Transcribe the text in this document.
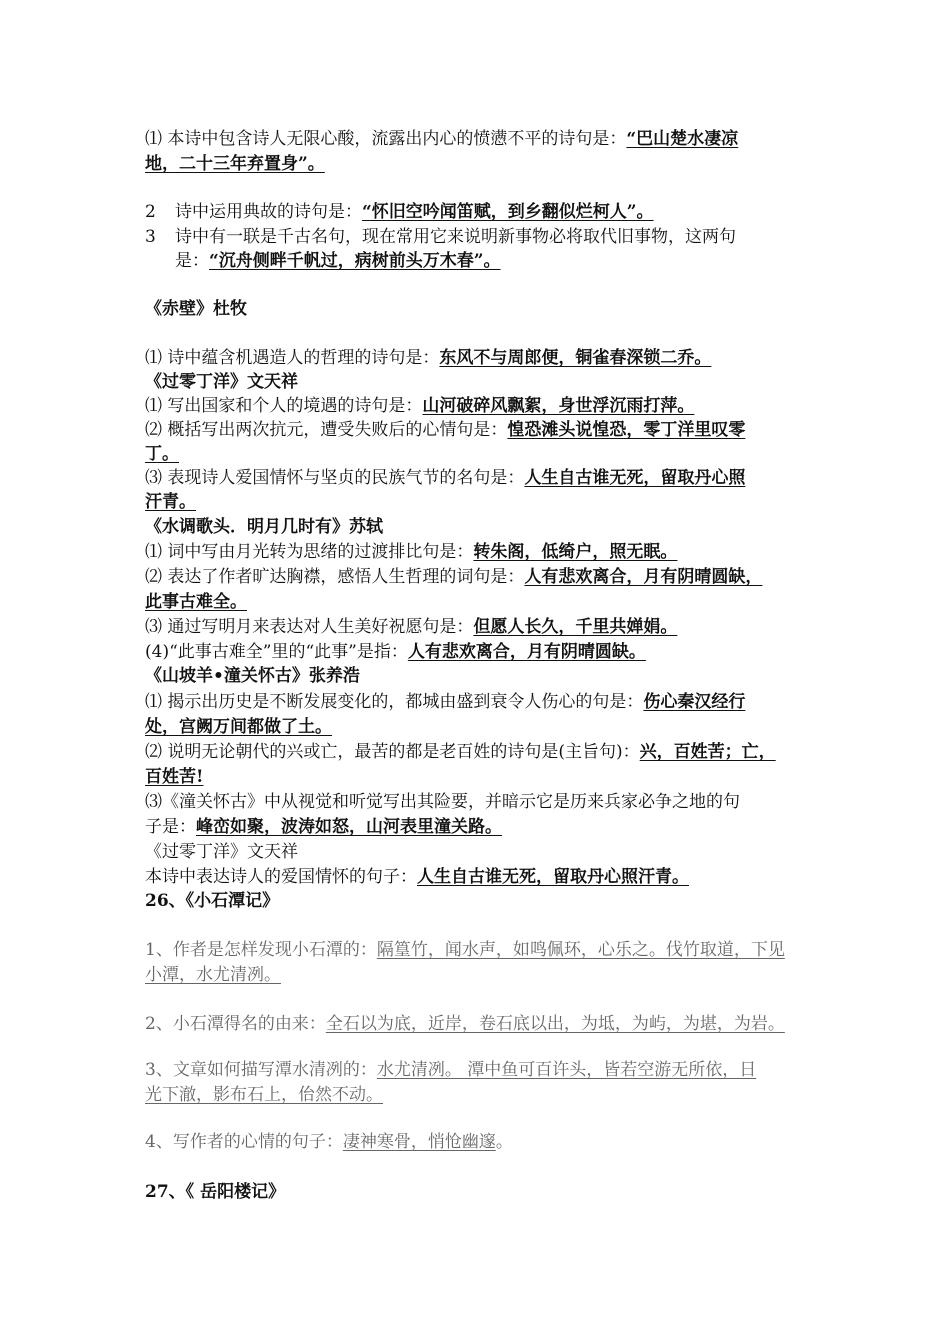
⑴ 本诗中包含诗人无限心酸，流露出内心的愤懑不平的诗句是：“巴山楚水凄凉
地，二十三年弃置身”。
2 诗中运用典故的诗句是：“怀旧空吟闻笛赋，到乡翻似烂柯人”。
3 诗中有一联是千古名句，现在常用它来说明新事物必将取代旧事物，这两句
是：“沉舟侧畔千帆过，病树前头万木春”。
《赤壁》杜牧
⑴ 诗中蕴含机遇造人的哲理的诗句是：东风不与周郎便，铜雀春深锁二乔。
《过零丁洋》文天祥
⑴ 写出国家和个人的境遇的诗句是：山河破碎风飘絮，身世浮沉雨打萍。
⑵ 概括写出两次抗元，遭受失败后的心情句是：惶恐滩头说惶恐，零丁洋里叹零
丁。
⑶ 表现诗人爱国情怀与坚贞的民族气节的名句是：人生自古谁无死，留取丹心照
汗青。
《水调歌头．明月几时有》苏轼
⑴ 词中写由月光转为思绪的过渡排比句是：转朱阁，低绮户，照无眠。
⑵ 表达了作者旷达胸襟，感悟人生哲理的词句是：人有悲欢离合，月有阴晴圆缺，
此事古难全。
⑶ 通过写明月来表达对人生美好祝愿句是：但愿人长久，千里共婵娟。
(4)“此事古难全”里的“此事”是指：人有悲欢离合，月有阴晴圆缺。
《山坡羊•潼关怀古》张养浩
⑴ 揭示出历史是不断发展变化的，都城由盛到衰令人伤心的句是：伤心秦汉经行
处，宫阙万间都做了土。
⑵ 说明无论朝代的兴或亡，最苦的都是老百姓的诗句是(主旨句)：兴，百姓苦；亡，
百姓苦!
⑶《潼关怀古》中从视觉和听觉写出其险要，并暗示它是历来兵家必争之地的句
子是：峰峦如聚，波涛如怒，山河表里潼关路。
《过零丁洋》文天祥
本诗中表达诗人的爱国情怀的句子：人生自古谁无死，留取丹心照汗青。
26、《小石潭记》
1、作者是怎样发现小石潭的：隔篁竹，闻水声，如鸣佩环，心乐之。伐竹取道，下见
小潭，水尤清冽。
2、小石潭得名的由来：全石以为底，近岸，卷石底以出，为坻，为屿，为堪，为岩。
3、文章如何描写潭水清冽的：水尤清冽。 潭中鱼可百许头，皆若空游无所依，日
光下澈，影布石上，佁然不动。
4、写作者的心情的句子：凄神寒骨，悄怆幽邃。
27、《 岳阳楼记》
